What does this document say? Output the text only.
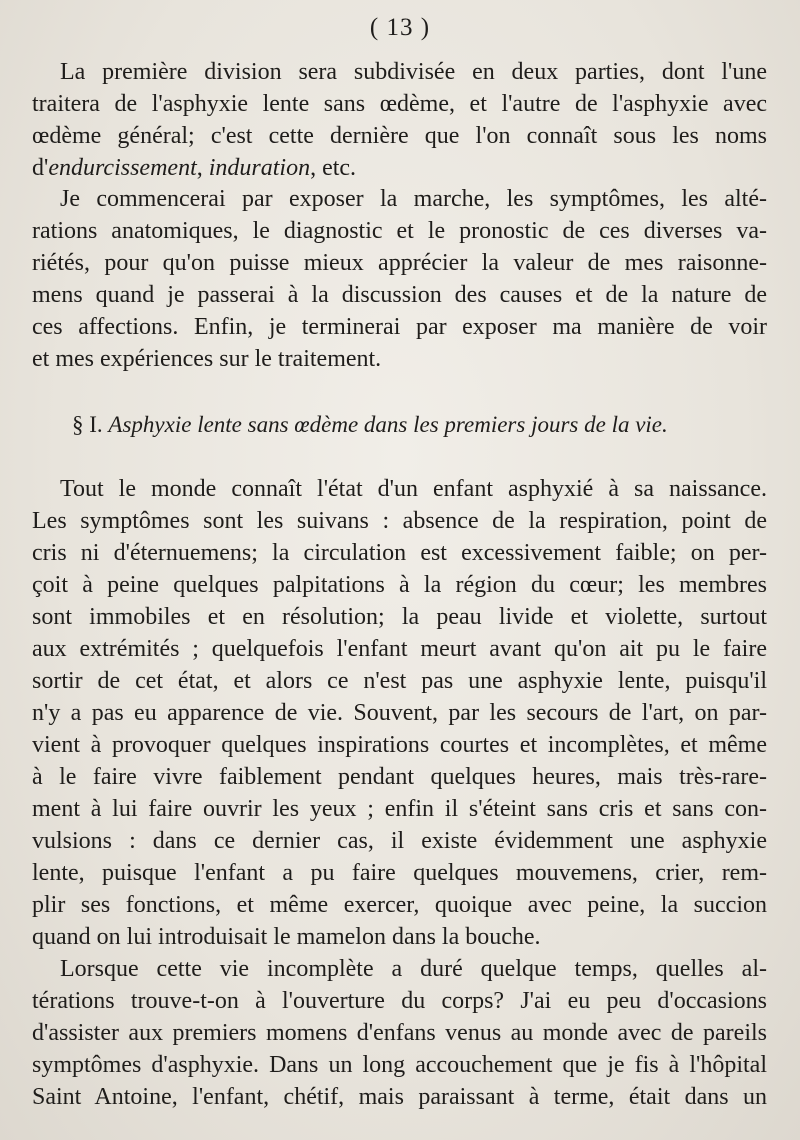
( 13 )
La première division sera subdivisée en deux parties, dont l'une
traitera de l'asphyxie lente sans œdème, et l'autre de l'asphyxie avec
œdème général; c'est cette dernière que l'on connaît sous les noms
d'endurcissement, induration, etc.
Je commencerai par exposer la marche, les symptômes, les alté-
rations anatomiques, le diagnostic et le pronostic de ces diverses va-
riétés, pour qu'on puisse mieux apprécier la valeur de mes raisonne-
mens quand je passerai à la discussion des causes et de la nature de
ces affections. Enfin, je terminerai par exposer ma manière de voir
et mes expériences sur le traitement.
§ I. Asphyxie lente sans œdème dans les premiers jours de la vie.
Tout le monde connaît l'état d'un enfant asphyxié à sa naissance.
Les symptômes sont les suivans : absence de la respiration, point de
cris ni d'éternuemens; la circulation est excessivement faible; on per-
çoit à peine quelques palpitations à la région du cœur; les membres
sont immobiles et en résolution; la peau livide et violette, surtout
aux extrémités ; quelquefois l'enfant meurt avant qu'on ait pu le faire
sortir de cet état, et alors ce n'est pas une asphyxie lente, puisqu'il
n'y a pas eu apparence de vie. Souvent, par les secours de l'art, on par-
vient à provoquer quelques inspirations courtes et incomplètes, et même
à le faire vivre faiblement pendant quelques heures, mais très-rare-
ment à lui faire ouvrir les yeux ; enfin il s'éteint sans cris et sans con-
vulsions : dans ce dernier cas, il existe évidemment une asphyxie
lente, puisque l'enfant a pu faire quelques mouvemens, crier, rem-
plir ses fonctions, et même exercer, quoique avec peine, la succion
quand on lui introduisait le mamelon dans la bouche.
Lorsque cette vie incomplète a duré quelque temps, quelles al-
térations trouve-t-on à l'ouverture du corps? J'ai eu peu d'occasions
d'assister aux premiers momens d'enfans venus au monde avec de pareils
symptômes d'asphyxie. Dans un long accouchement que je fis à l'hôpital
Saint Antoine, l'enfant, chétif, mais paraissant à terme, était dans un
